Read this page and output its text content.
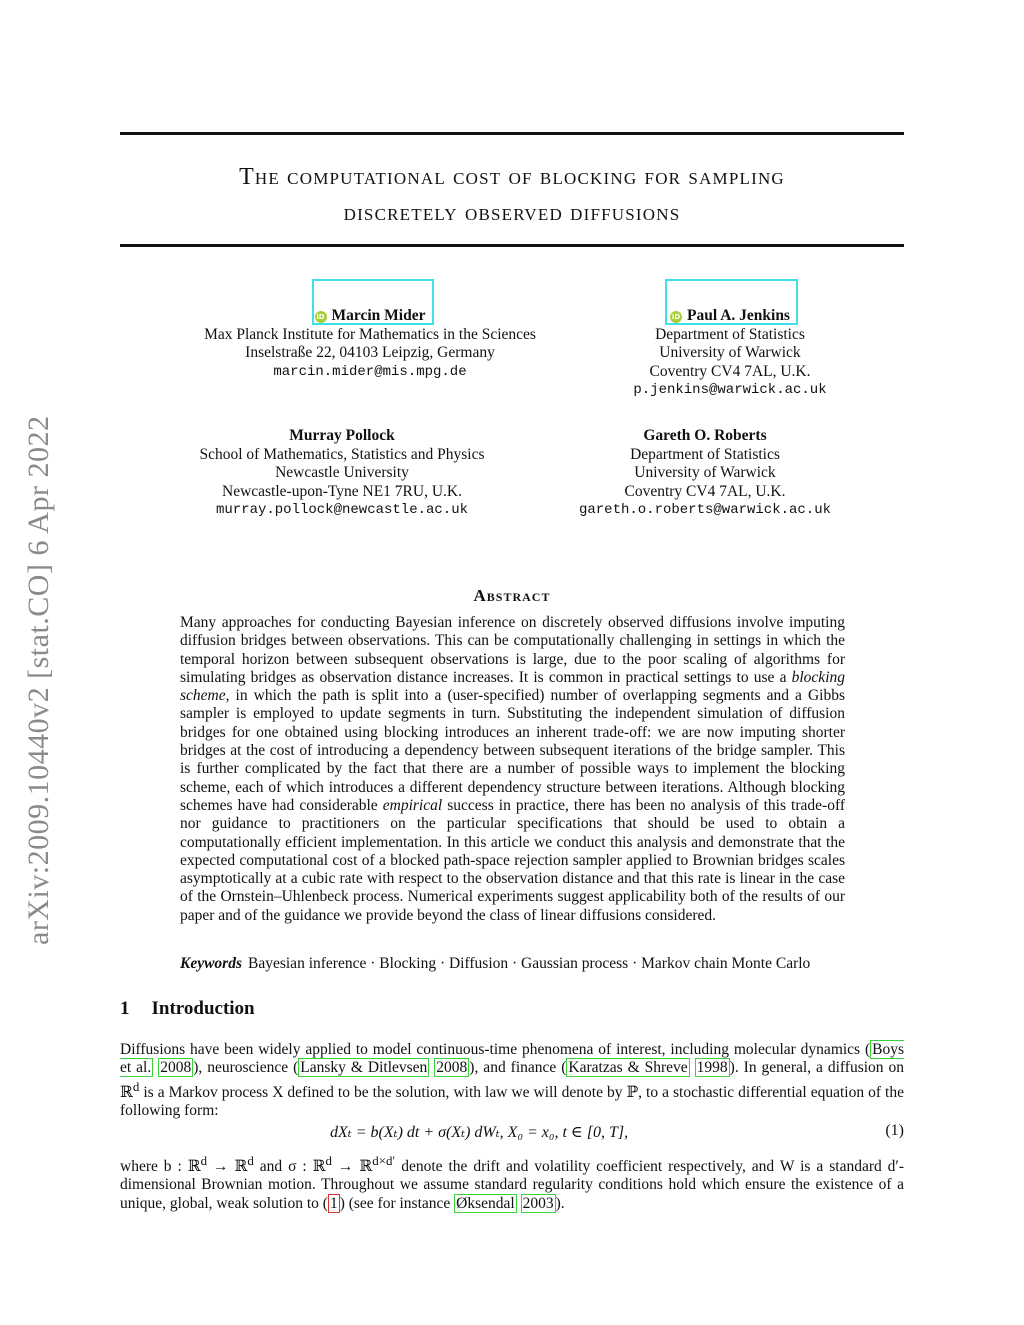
arXiv:2009.10440v2 [stat.CO] 6 Apr 2022
The computational cost of blocking for sampling
discretely observed diffusions
iD Marcin Mider
Max Planck Institute for Mathematics in the Sciences
Inselstraße 22, 04103 Leipzig, Germany
marcin.mider@mis.mpg.de
iD Paul A. Jenkins
Department of Statistics
University of Warwick
Coventry CV4 7AL, U.K.
p.jenkins@warwick.ac.uk
Murray Pollock
School of Mathematics, Statistics and Physics
Newcastle University
Newcastle-upon-Tyne NE1 7RU, U.K.
murray.pollock@newcastle.ac.uk
Gareth O. Roberts
Department of Statistics
University of Warwick
Coventry CV4 7AL, U.K.
gareth.o.roberts@warwick.ac.uk
Abstract
Many approaches for conducting Bayesian inference on discretely observed diffusions involve imputing diffusion bridges between observations. This can be computationally challenging in settings in which the temporal horizon between subsequent observations is large, due to the poor scaling of algorithms for simulating bridges as observation distance increases. It is common in practical settings to use a blocking scheme, in which the path is split into a (user-specified) number of overlapping segments and a Gibbs sampler is employed to update segments in turn. Substituting the independent simulation of diffusion bridges for one obtained using blocking introduces an inherent trade-off: we are now imputing shorter bridges at the cost of introducing a dependency between subsequent iterations of the bridge sampler. This is further complicated by the fact that there are a number of possible ways to implement the blocking scheme, each of which introduces a different dependency structure between iterations. Although blocking schemes have had considerable empirical success in practice, there has been no analysis of this trade-off nor guidance to practitioners on the particular specifications that should be used to obtain a computationally efficient implementation. In this article we conduct this analysis and demonstrate that the expected computational cost of a blocked path-space rejection sampler applied to Brownian bridges scales asymptotically at a cubic rate with respect to the observation distance and that this rate is linear in the case of the Ornstein–Uhlenbeck process. Numerical experiments suggest applicability both of the results of our paper and of the guidance we provide beyond the class of linear diffusions considered.
Keywords Bayesian inference · Blocking · Diffusion · Gaussian process · Markov chain Monte Carlo
1 Introduction
Diffusions have been widely applied to model continuous-time phenomena of interest, including molecular dynamics ( Boys et al. 2008 ), neuroscience ( Lansky & Ditlevsen 2008 ), and finance ( Karatzas & Shreve 1998 ). In general, a diffusion on ℝ$^d$ is a Markov process X defined to be the solution, with law we will denote by ℙ, to a stochastic differential equation of the following form:
dXₜ = b(Xₜ) dt + σ(Xₜ) dWₜ, X₀ = x₀, t ∈ [0, T],	(1)
where b : ℝ$^d$ → ℝ$^d$ and σ : ℝ$^d$ → ℝ$^{d\times d'}$ denote the drift and volatility coefficient respectively, and W is a standard d′-dimensional Brownian motion. Throughout we assume standard regularity conditions hold which ensure the existence of a unique, global, weak solution to ( 1 ) (see for instance Øksendal 2003 ).
